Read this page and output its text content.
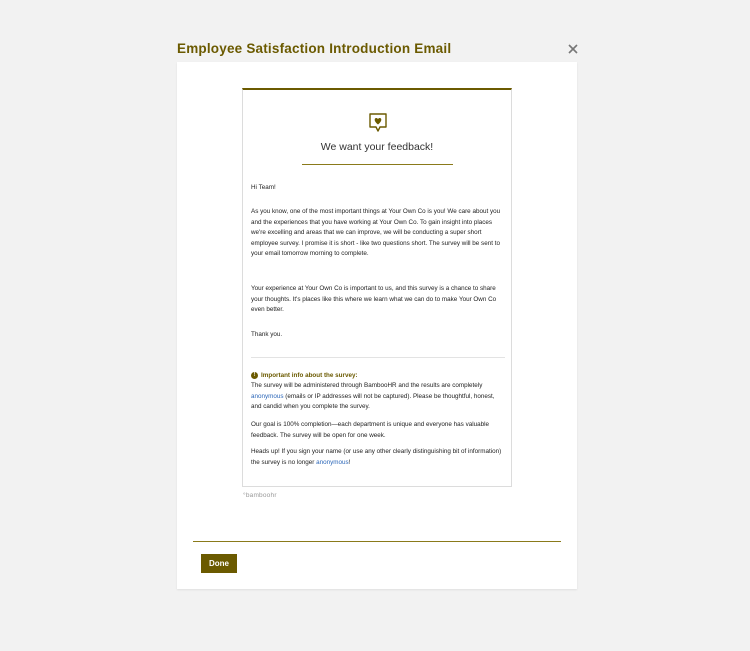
Employee Satisfaction Introduction Email
We want your feedback!
Hi Team!
As you know, one of the most important things at Your Own Co is you! We care about you and the experiences that you have working at Your Own Co. To gain insight into places we're excelling and areas that we can improve, we will be conducting a super short employee survey. I promise it is short - like two questions short. The survey will be sent to your email tomorrow morning to complete.
Your experience at Your Own Co is important to us, and this survey is a chance to share your thoughts. It's places like this where we learn what we can do to make Your Own Co even better.
Thank you.
! Important info about the survey:
The survey will be administered through BambooHR and the results are completely anonymous (emails or IP addresses will not be captured). Please be thoughtful, honest, and candid when you complete the survey.
Our goal is 100% completion—each department is unique and everyone has valuable feedback. The survey will be open for one week.
Heads up! If you sign your name (or use any other clearly distinguishing bit of information) the survey is no longer anonymous!
°bamboohr
Done
